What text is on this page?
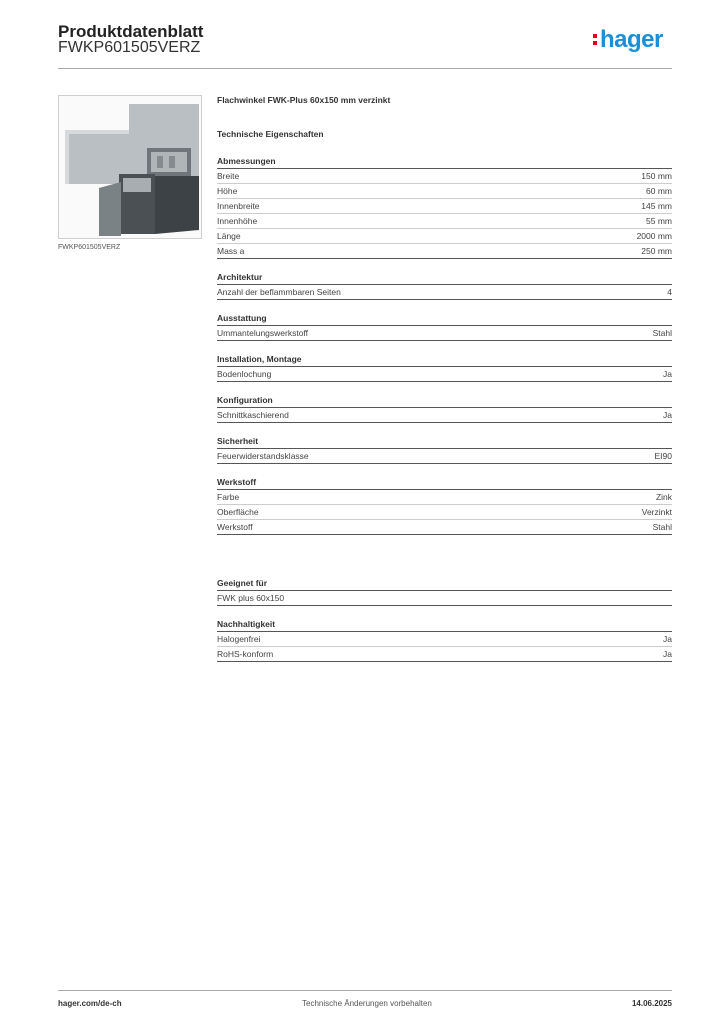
Produktdatenblatt
FWKP601505VERZ	hager
FWKP601505VERZ
Flachwinkel FWK-Plus 60x150 mm verzinkt
Technische Eigenschaften
Abmessungen
Breite	150 mm
Höhe	60 mm
Innenbreite	145 mm
Innenhöhe	55 mm
Länge	2000 mm
Mass a	250 mm
Architektur
Anzahl der beflammbaren Seiten	4
Ausstattung
Ummantelungswerkstoff	Stahl
Installation, Montage
Bodenlochung	Ja
Konfiguration
Schnittkaschierend	Ja
Sicherheit
Feuerwiderstandsklasse	EI90
Werkstoff
Farbe	Zink
Oberfläche	Verzinkt
Werkstoff	Stahl
Geeignet für
FWK plus 60x150
Nachhaltigkeit
Halogenfrei	Ja
RoHS-konform	Ja
hager.com/de-ch	Technische Änderungen vorbehalten	14.06.2025
